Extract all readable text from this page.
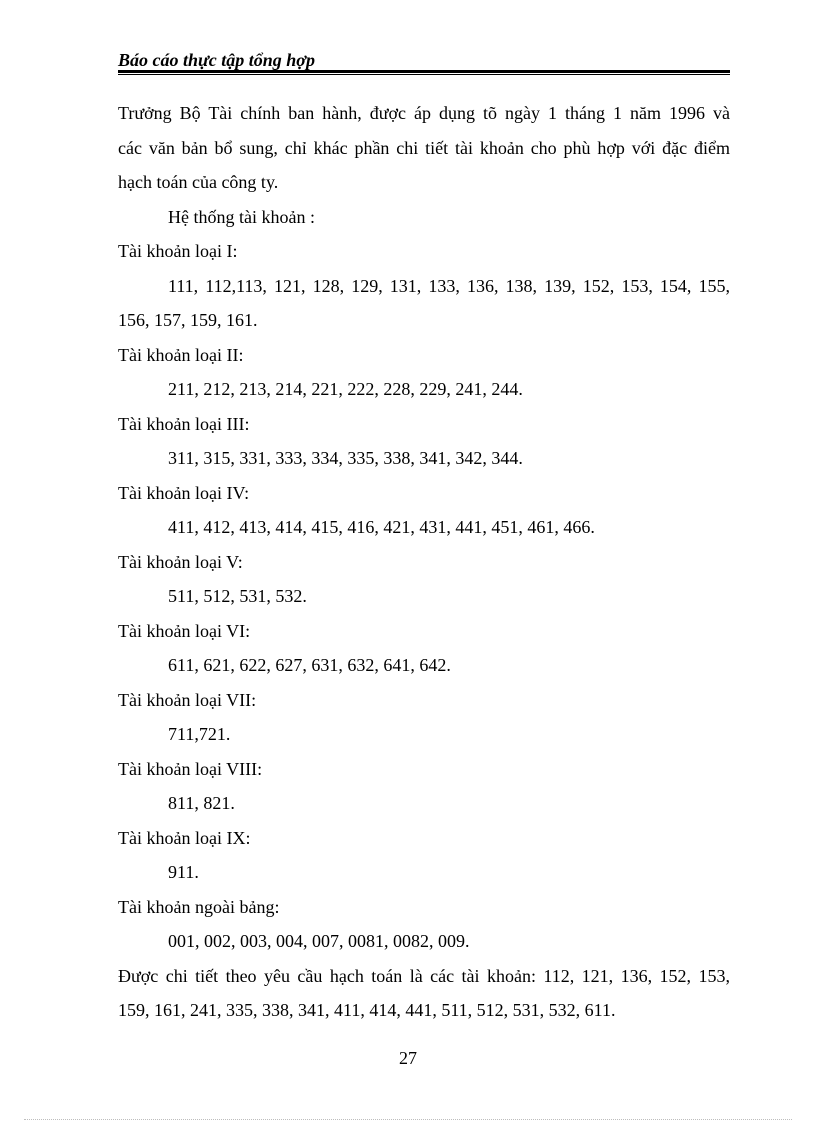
Báo cáo thực tập tổng hợp
Trưởng Bộ Tài chính ban hành, được áp dụng tõ ngày 1 tháng 1 năm 1996 và
các văn bản bổ sung, chỉ khác phần chi tiết tài khoản cho phù hợp với đặc điểm
hạch toán của công ty.
Hệ thống tài khoản :
Tài khoản loại I:
111, 112,113, 121, 128, 129, 131, 133, 136, 138, 139, 152, 153, 154, 155,
156, 157, 159, 161.
Tài khoản loại II:
211, 212, 213, 214, 221, 222, 228, 229, 241, 244.
Tài khoản loại III:
311, 315, 331, 333, 334, 335, 338, 341, 342, 344.
Tài khoản loại IV:
411, 412, 413, 414, 415, 416, 421, 431, 441, 451, 461, 466.
Tài khoản loại V:
511, 512, 531, 532.
Tài khoản loại VI:
611, 621, 622, 627, 631, 632, 641, 642.
Tài khoản loại VII:
711,721.
Tài khoản loại VIII:
811, 821.
Tài khoản loại IX:
911.
Tài khoản ngoài bảng:
001, 002, 003, 004, 007, 0081, 0082, 009.
Được chi tiết theo yêu cầu hạch toán là các tài khoản: 112, 121, 136, 152, 153,
159, 161, 241, 335, 338, 341, 411, 414, 441, 511, 512, 531, 532, 611.
27
